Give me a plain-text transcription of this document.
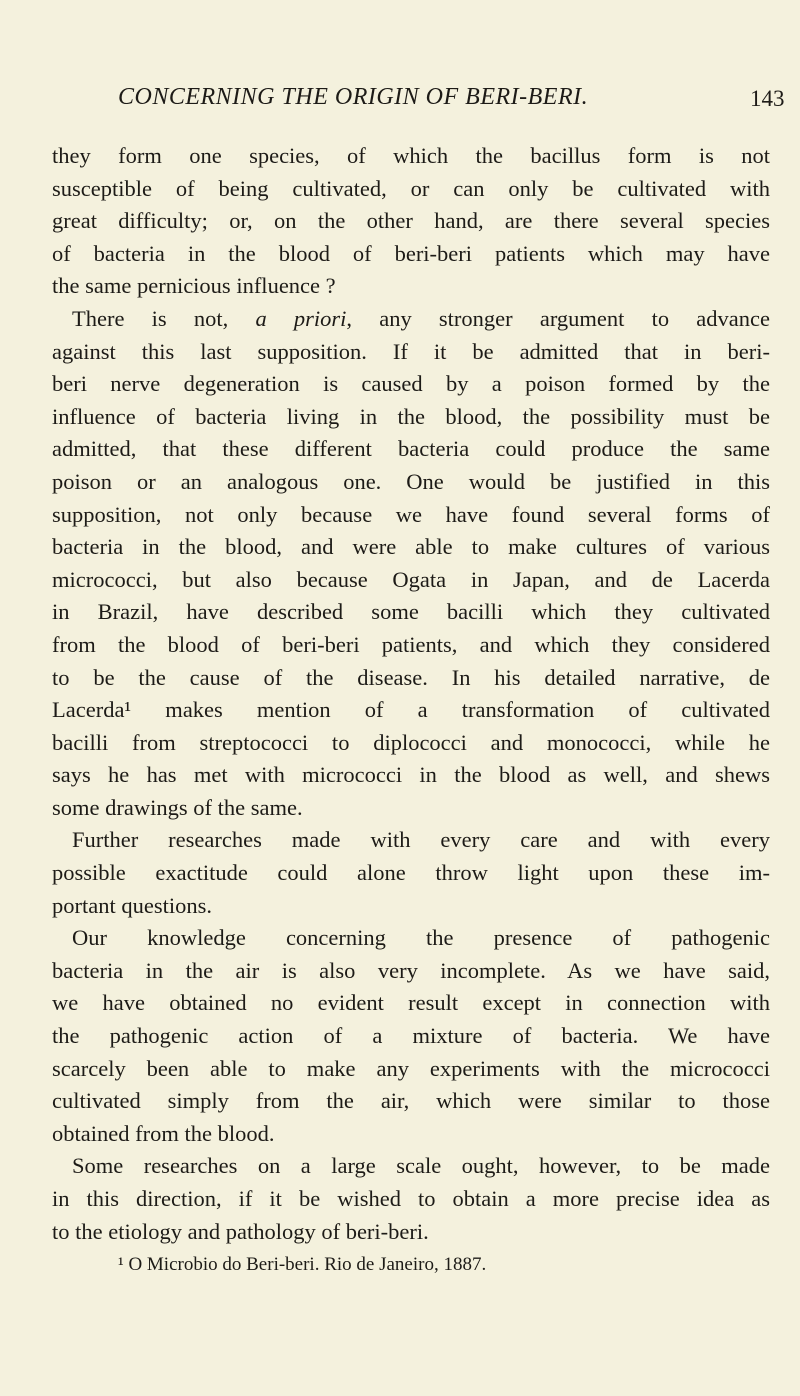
CONCERNING THE ORIGIN OF BERI-BERI.	143
they form one species, of which the bacillus form is not
susceptible of being cultivated, or can only be cultivated with
great difficulty; or, on the other hand, are there several species
of bacteria in the blood of beri-beri patients which may have
the same pernicious influence ?
There is not, a priori, any stronger argument to advance
against this last supposition. If it be admitted that in beri-
beri nerve degeneration is caused by a poison formed by the
influence of bacteria living in the blood, the possibility must be
admitted, that these different bacteria could produce the same
poison or an analogous one. One would be justified in this
supposition, not only because we have found several forms of
bacteria in the blood, and were able to make cultures of various
micrococci, but also because Ogata in Japan, and de Lacerda
in Brazil, have described some bacilli which they cultivated
from the blood of beri-beri patients, and which they considered
to be the cause of the disease. In his detailed narrative, de
Lacerda¹ makes mention of a transformation of cultivated
bacilli from streptococci to diplococci and monococci, while he
says he has met with micrococci in the blood as well, and shews
some drawings of the same.
Further researches made with every care and with every
possible exactitude could alone throw light upon these im-
portant questions.
Our knowledge concerning the presence of pathogenic
bacteria in the air is also very incomplete. As we have said,
we have obtained no evident result except in connection with
the pathogenic action of a mixture of bacteria. We have
scarcely been able to make any experiments with the micrococci
cultivated simply from the air, which were similar to those
obtained from the blood.
Some researches on a large scale ought, however, to be made
in this direction, if it be wished to obtain a more precise idea as
to the etiology and pathology of beri-beri.
¹ O Microbio do Beri-beri. Rio de Janeiro, 1887.
